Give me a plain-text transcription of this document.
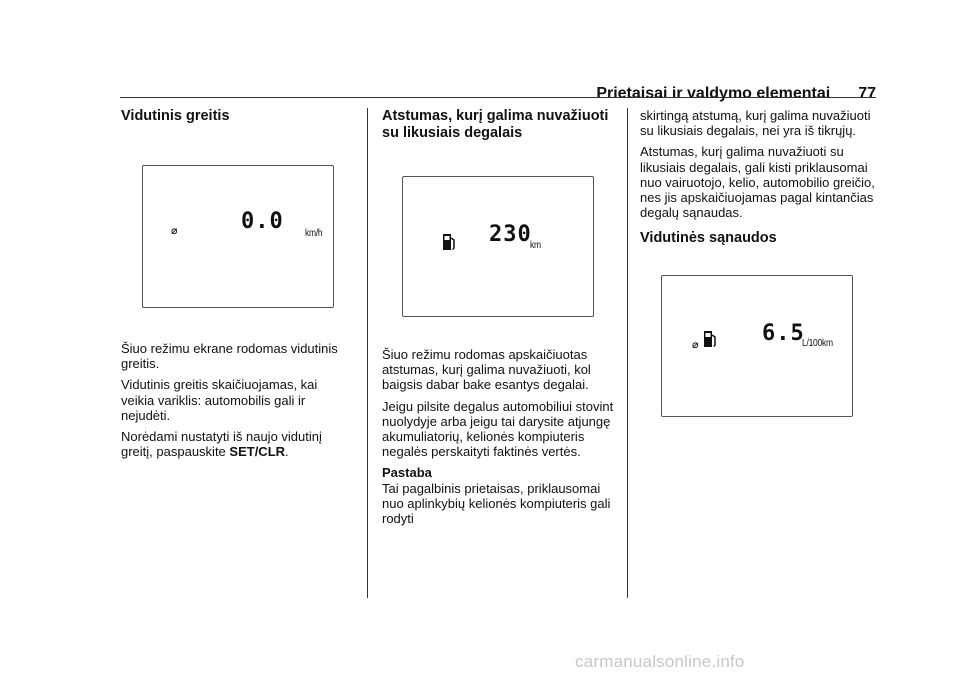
Prietaisai ir valdymo elementai 77
Vidutinis greitis
⌀	0.0 km/h

Šiuo režimu ekrane rodomas vidutinis greitis.

Vidutinis greitis skaičiuojamas, kai veikia variklis: automobilis gali ir nejudėti.

Norėdami nustatyti iš naujo vidutinį greitį, paspauskite SET/CLR.

Atstumas, kurį galima nuvažiuoti su likusiais degalais
230
km

Šiuo režimu rodomas apskaičiuotas atstumas, kurį galima nuvažiuoti, kol baigsis dabar bake esantys degalai.

Jeigu pilsite degalus automobiliui stovint nuolydyje arba jeigu tai darysite atjungę akumuliatorių, kelionės kompiuteris negalės perskaityti faktinės vertės.

Pastaba

Tai pagalbinis prietaisas, priklausomai nuo aplinkybių kelionės kompiuteris gali rodyti

skirtingą atstumą, kurį galima nuvažiuoti su likusiais degalais, nei yra iš tikrųjų.

Atstumas, kurį galima nuvažiuoti su likusiais degalais, gali kisti priklausomai nuo vairuotojo, kelio, automobilio greičio, nes jis apskaičiuojamas pagal kintančias degalų sąnaudas.

Vidutinės sąnaudos
⌀	6.5
L/100km
carmanualsonline.info
